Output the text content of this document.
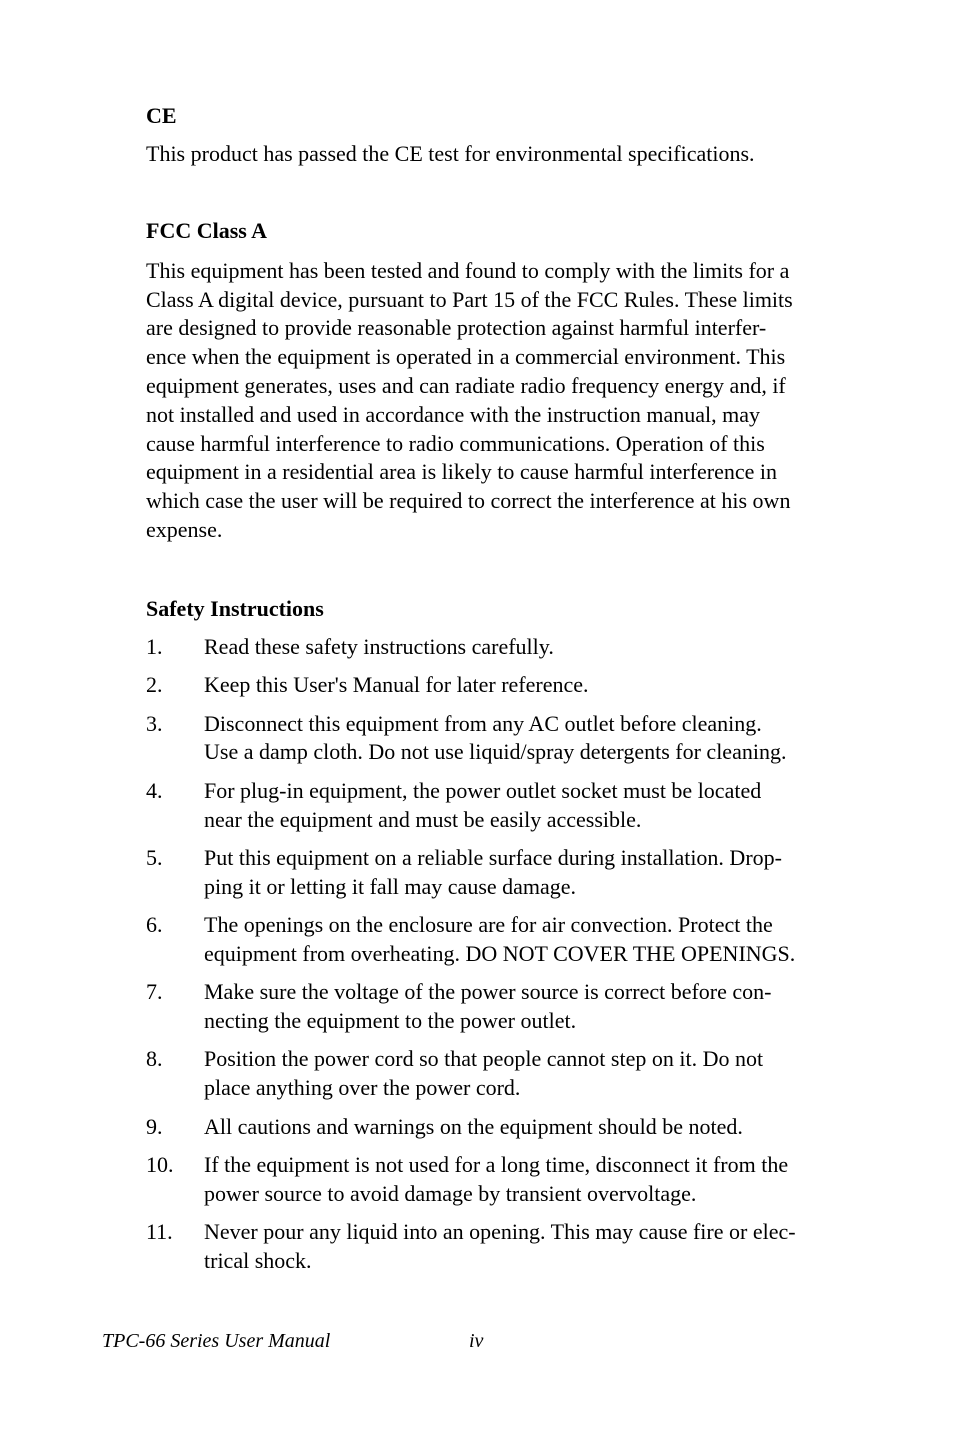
CE

This product has passed the CE test for environmental specifications.

FCC Class A

This equipment has been tested and found to comply with the limits for a
Class A digital device, pursuant to Part 15 of the FCC Rules. These limits
are designed to provide reasonable protection against harmful interfer-
ence when the equipment is operated in a commercial environment. This
equipment generates, uses and can radiate radio frequency energy and, if
not installed and used in accordance with the instruction manual, may
cause harmful interference to radio communications. Operation of this
equipment in a residential area is likely to cause harmful interference in
which case the user will be required to correct the interference at his own
expense.

Safety Instructions

1.	Read these safety instructions carefully.
2.	Keep this User's Manual for later reference.
3.	Disconnect this equipment from any AC outlet before cleaning.
Use a damp cloth. Do not use liquid/spray detergents for cleaning.
4.	For plug-in equipment, the power outlet socket must be located
near the equipment and must be easily accessible.
5.	Put this equipment on a reliable surface during installation. Drop-
ping it or letting it fall may cause damage.
6.	The openings on the enclosure are for air convection. Protect the
equipment from overheating. DO NOT COVER THE OPENINGS.
7.	Make sure the voltage of the power source is correct before con-
necting the equipment to the power outlet.
8.	Position the power cord so that people cannot step on it. Do not
place anything over the power cord.
9.	All cautions and warnings on the equipment should be noted.
10.	If the equipment is not used for a long time, disconnect it from the
power source to avoid damage by transient overvoltage.
11.	Never pour any liquid into an opening. This may cause fire or elec-
trical shock.
TPC-66 Series User Manual	iv
